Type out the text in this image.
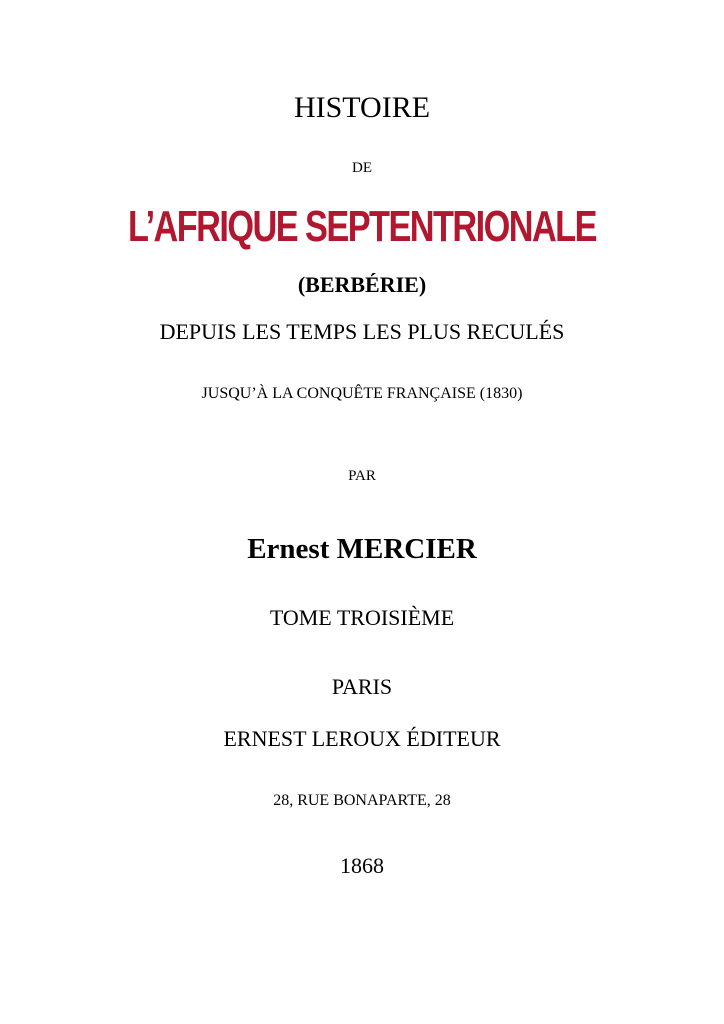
HISTOIRE
DE
L’AFRIQUE SEPTENTRIONALE
(BERBÉRIE)
DEPUIS LES TEMPS LES PLUS RECULÉS
JUSQU’À LA CONQUÊTE FRANÇAISE (1830)
PAR
Ernest MERCIER
TOME TROISIÈME
PARIS
ERNEST LEROUX ÉDITEUR
28, RUE BONAPARTE, 28
1868
